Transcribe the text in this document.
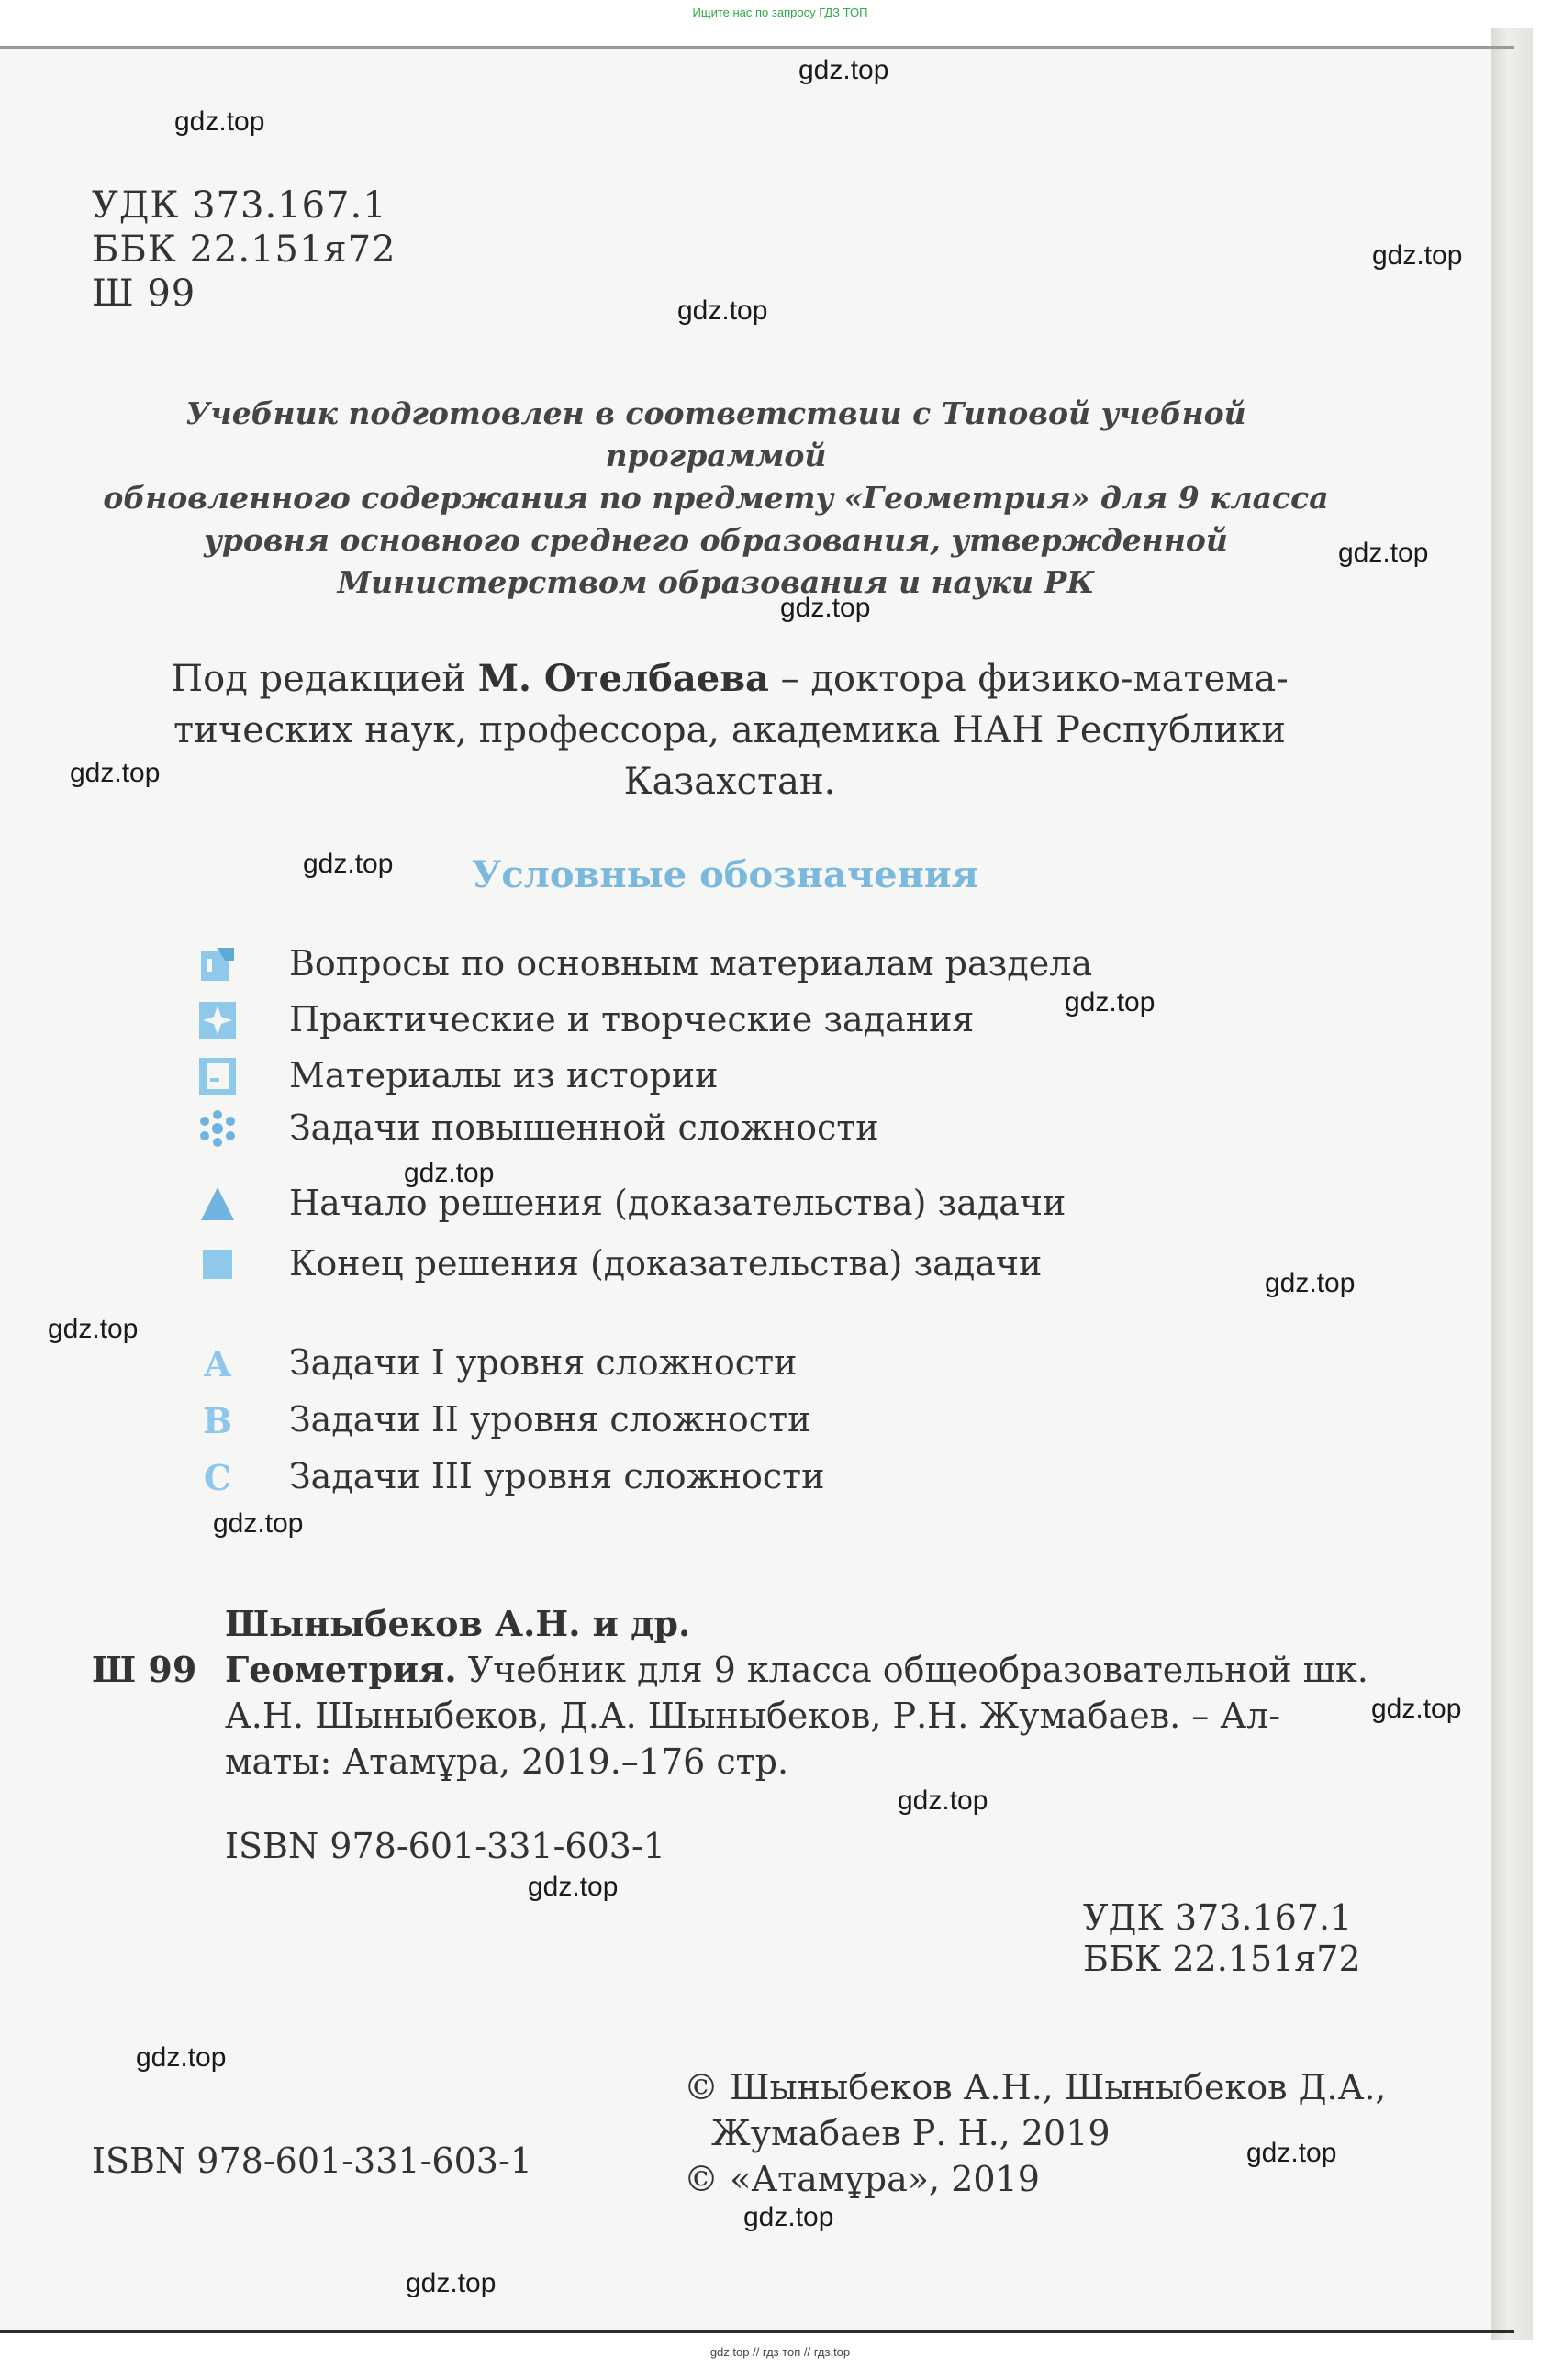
Ищите нас по запросу ГДЗ ТОП
УДК 373.167.1
ББК 22.151я72
Ш 99
Учебник подготовлен в соответствии с Типовой учебной программой
обновленного содержания по предмету «Геометрия» для 9 класса
уровня основного среднего образования, утвержденной
Министерством образования и науки РК
Под редакцией М. Отелбаева – доктора физико-матема-
тических наук, профессора, академика НАН Республики
Казахстан.
Условные обозначения
Вопросы по основным материалам раздела
Практические и творческие задания
Материалы из истории
Задачи повышенной сложности
Начало решения (доказательства) задачи
Конец решения (доказательства) задачи
A Задачи I уровня сложности
B Задачи II уровня сложности
C Задачи III уровня сложности
Шыныбеков А.Н. и др.
Ш 99 Геометрия. Учебник для 9 класса общеобразовательной шк.
А.Н. Шыныбеков, Д.А. Шыныбеков, Р.Н. Жумабаев. – Ал-
маты: Атамұра, 2019.–176 стр.
ISBN 978-601-331-603-1
УДК 373.167.1
ББК 22.151я72
ISBN 978-601-331-603-1
© Шыныбеков А.Н., Шыныбеков Д.А.,
Жумабаев Р. Н., 2019
© «Атамұра», 2019
gdz.top
gdz.top
gdz.top
gdz.top
gdz.top
gdz.top
gdz.top
gdz.top
gdz.top
gdz.top
gdz.top
gdz.top
gdz.top
gdz.top
gdz.top
gdz.top
gdz.top
gdz.top
gdz.top
gdz.top
gdz.top // гдз топ // гдз.top
